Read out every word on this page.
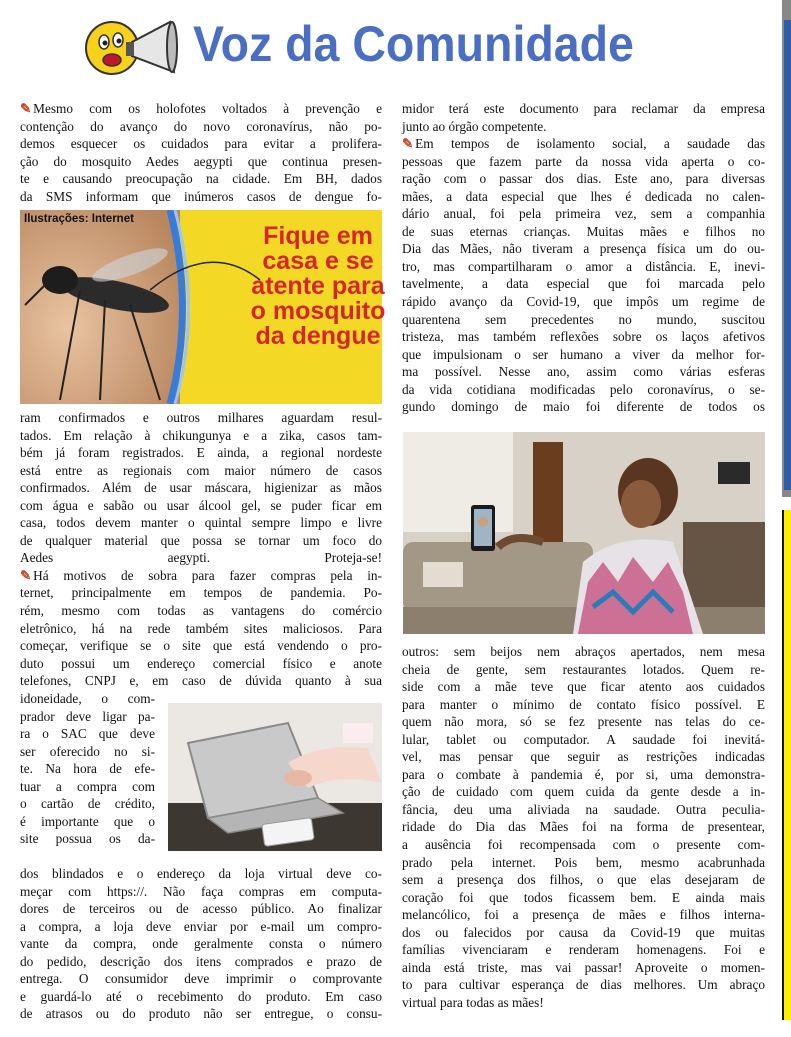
Voz da Comunidade

✎ Mesmo com os holofotes voltados à prevenção e

contenção do avanço do novo coronavírus, não po-

demos esquecer os cuidados para evitar a prolifera-

ção do mosquito Aedes aegypti que continua presen-

te e causando preocupação na cidade. Em BH, dados

da SMS informam que inúmeros casos de dengue fo-

Ilustrações: Internet
Fique em
casa e se
atente para
o mosquito
da dengue

ram confirmados e outros milhares aguardam resul-

tados. Em relação à chikungunya e a zika, casos tam-

bém já foram registrados. E ainda, a regional nordeste

está entre as regionais com maior número de casos

confirmados. Além de usar máscara, higienizar as mãos

com água e sabão ou usar álcool gel, se puder ficar em

casa, todos devem manter o quintal sempre limpo e livre

de qualquer material que possa se tornar um foco do

Aedes aegypti. Proteja-se!

✎ Há motivos de sobra para fazer compras pela in-

ternet, principalmente em tempos de pandemia. Po-

rém, mesmo com todas as vantagens do comércio

eletrônico, há na rede também sites maliciosos. Para

começar, verifique se o site que está vendendo o pro-

duto possui um endereço comercial físico e anote

telefones, CNPJ e, em caso de dúvida quanto à sua

idoneidade, o com-

prador deve ligar pa-

ra o SAC que deve

ser oferecido no si-

te. Na hora de efe-

tuar a compra com

o cartão de crédito,

é importante que o

site possua os da-

dos blindados e o endereço da loja virtual deve co-

meçar com https://. Não faça compras em computa-

dores de terceiros ou de acesso público. Ao finalizar

a compra, a loja deve enviar por e-mail um compro-

vante da compra, onde geralmente consta o número

do pedido, descrição dos itens comprados e prazo de

entrega. O consumidor deve imprimir o comprovante

e guardá-lo até o recebimento do produto. Em caso

de atrasos ou do produto não ser entregue, o consu-

midor terá este documento para reclamar da empresa

junto ao órgão competente.

✎ Em tempos de isolamento social, a saudade das

pessoas que fazem parte da nossa vida aperta o co-

ração com o passar dos dias. Este ano, para diversas

mães, a data especial que lhes é dedicada no calen-

dário anual, foi pela primeira vez, sem a companhia

de suas eternas crianças. Muitas mães e filhos no

Dia das Mães, não tiveram a presença física um do ou-

tro, mas compartilharam o amor a distância. E, inevi-

tavelmente, a data especial que foi marcada pelo

rápido avanço da Covid-19, que impôs um regime de

quarentena sem precedentes no mundo, suscitou

tristeza, mas também reflexões sobre os laços afetivos

que impulsionam o ser humano a viver da melhor for-

ma possível. Nesse ano, assim como várias esferas

da vida cotidiana modificadas pelo coronavírus, o se-

gundo domingo de maio foi diferente de todos os

outros: sem beijos nem abraços apertados, nem mesa

cheia de gente, sem restaurantes lotados. Quem re-

side com a mãe teve que ficar atento aos cuidados

para manter o mínimo de contato físico possível. E

quem não mora, só se fez presente nas telas do ce-

lular, tablet ou computador. A saudade foi inevitá-

vel, mas pensar que seguir as restrições indicadas

para o combate à pandemia é, por si, uma demonstra-

ção de cuidado com quem cuida da gente desde a in-

fância, deu uma aliviada na saudade. Outra peculia-

ridade do Dia das Mães foi na forma de presentear,

a ausência foi recompensada com o presente com-

prado pela internet. Pois bem, mesmo acabrunhada

sem a presença dos filhos, o que elas desejaram de

coração foi que todos ficassem bem. E ainda mais

melancólico, foi a presença de mães e filhos interna-

dos ou falecidos por causa da Covid-19 que muitas

famílias vivenciaram e renderam homenagens. Foi e

ainda está triste, mas vai passar! Aproveite o momen-

to para cultivar esperança de dias melhores. Um abraço

virtual para todas as mães!
